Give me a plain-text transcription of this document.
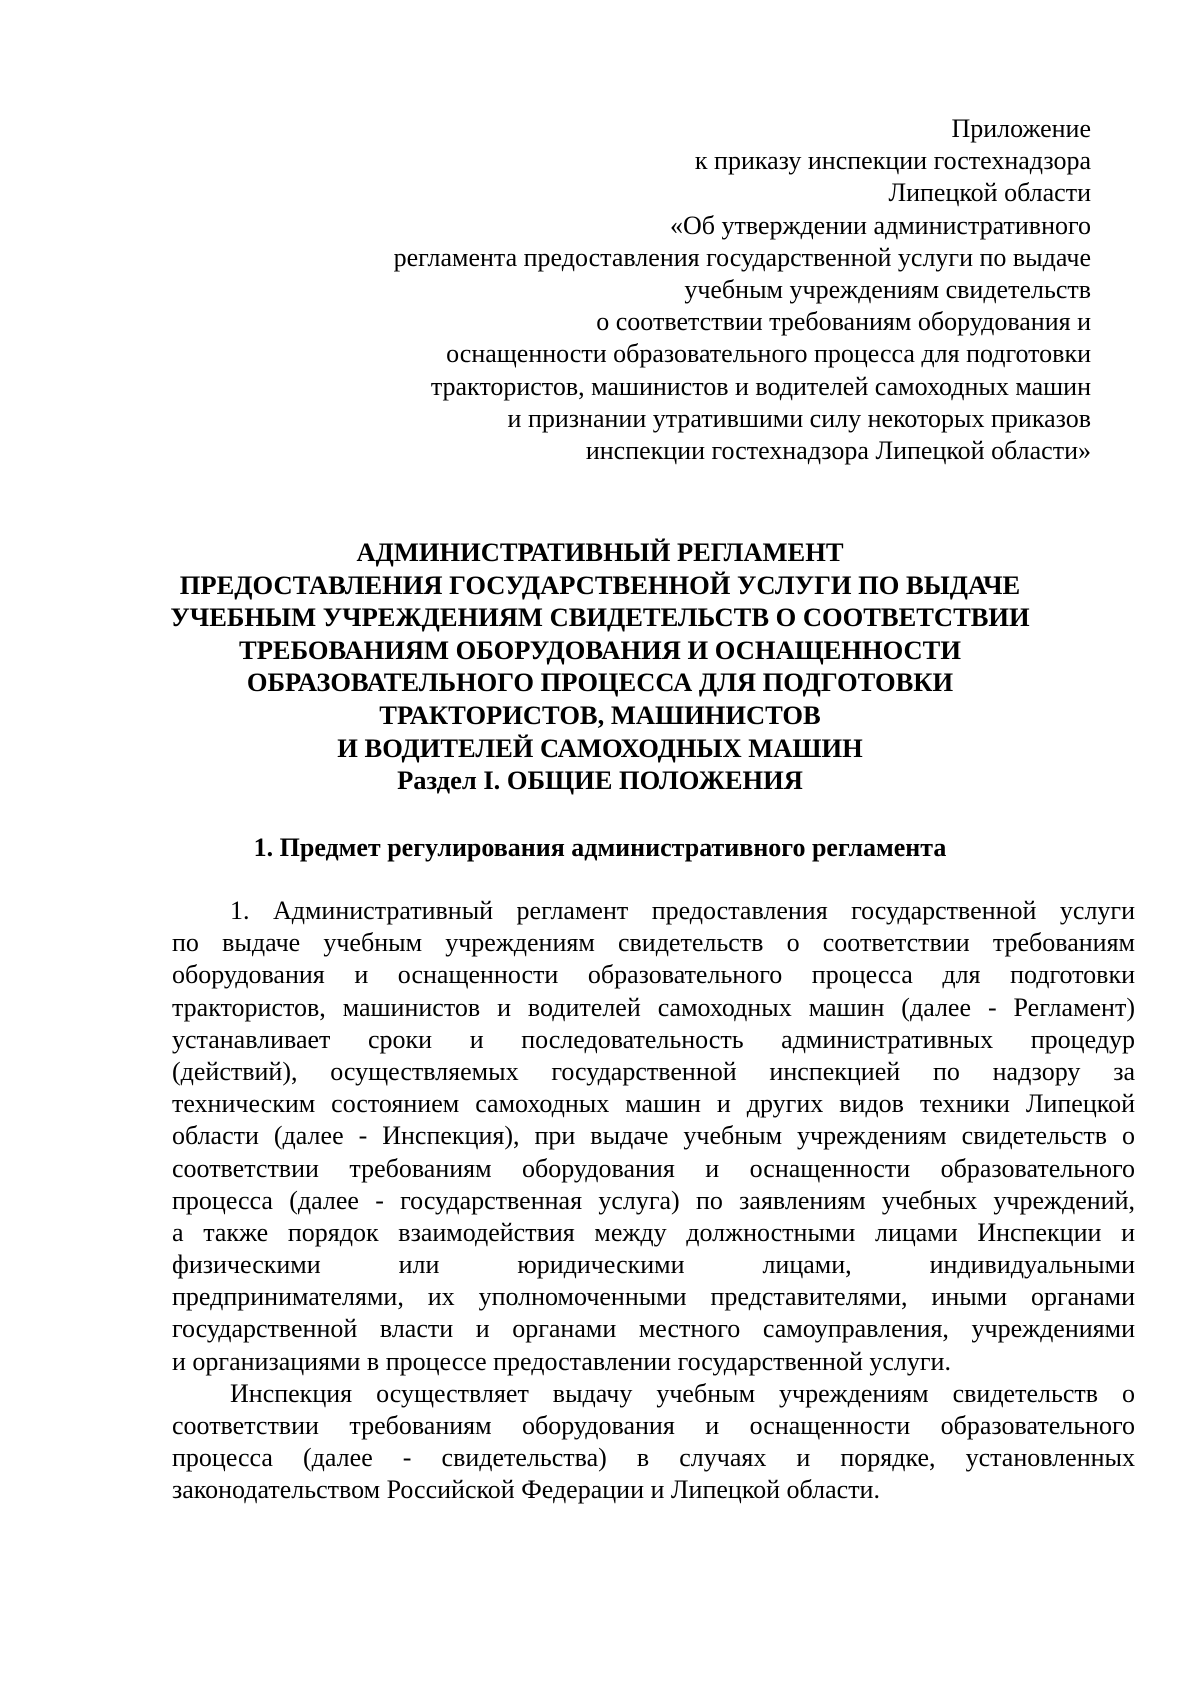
Приложение
к приказу инспекции гостехнадзора
Липецкой области
«Об утверждении административного
регламента предоставления государственной услуги по выдаче
учебным учреждениям свидетельств
о соответствии требованиям оборудования и
оснащенности образовательного процесса для подготовки
трактористов, машинистов и водителей самоходных машин
и признании утратившими силу некоторых приказов
инспекции гостехнадзора Липецкой области»
АДМИНИСТРАТИВНЫЙ РЕГЛАМЕНТ
ПРЕДОСТАВЛЕНИЯ ГОСУДАРСТВЕННОЙ УСЛУГИ ПО ВЫДАЧЕ
УЧЕБНЫМ УЧРЕЖДЕНИЯМ СВИДЕТЕЛЬСТВ О СООТВЕТСТВИИ
ТРЕБОВАНИЯМ ОБОРУДОВАНИЯ И ОСНАЩЕННОСТИ
ОБРАЗОВАТЕЛЬНОГО ПРОЦЕССА ДЛЯ ПОДГОТОВКИ
ТРАКТОРИСТОВ, МАШИНИСТОВ
И ВОДИТЕЛЕЙ САМОХОДНЫХ МАШИН
Раздел I. ОБЩИЕ ПОЛОЖЕНИЯ
1. Предмет регулирования административного регламента
1. Административный регламент предоставления государственной услуги
по выдаче учебным учреждениям свидетельств о соответствии требованиям
оборудования и оснащенности образовательного процесса для подготовки
трактористов, машинистов и водителей самоходных машин (далее - Регламент)
устанавливает сроки и последовательность административных процедур
(действий), осуществляемых государственной инспекцией по надзору за
техническим состоянием самоходных машин и других видов техники Липецкой
области (далее - Инспекция), при выдаче учебным учреждениям свидетельств о
соответствии требованиям оборудования и оснащенности образовательного
процесса (далее - государственная услуга) по заявлениям учебных учреждений,
а также порядок взаимодействия между должностными лицами Инспекции и
физическими или юридическими лицами, индивидуальными
предпринимателями, их уполномоченными представителями, иными органами
государственной власти и органами местного самоуправления, учреждениями
и организациями в процессе предоставлении государственной услуги.
Инспекция осуществляет выдачу учебным учреждениям свидетельств о
соответствии требованиям оборудования и оснащенности образовательного
процесса (далее - свидетельства) в случаях и порядке, установленных
законодательством Российской Федерации и Липецкой области.
